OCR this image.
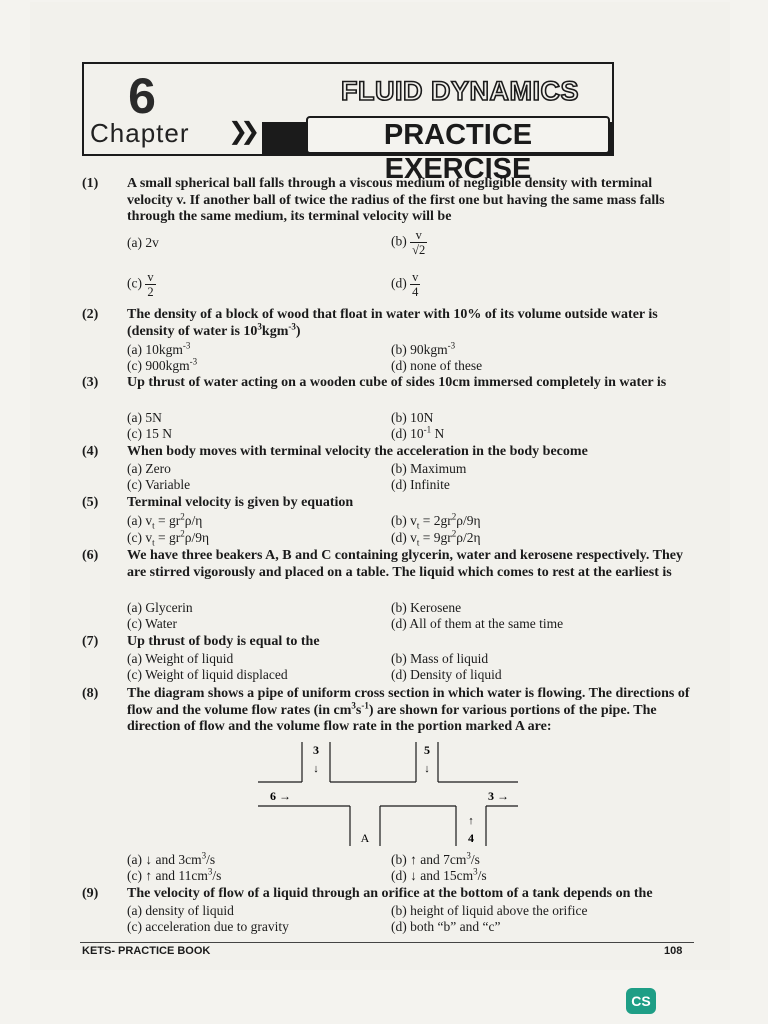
6
Chapter ❯❯
FLUID DYNAMICS
PRACTICE EXERCISE
(1) A small spherical ball falls through a viscous medium of negligible density with terminal velocity v. If another ball of twice the radius of the first one but having the same mass falls through the same medium, its terminal velocity will be
(a) 2v	$(b) \frac{v}{√2}$
$(c) \frac{v}{2}$	$(d) \frac{v}{4}$
(2) The density of a block of wood that float in water with 10% of its volume outside water is (density of water is $10^3kgm^{-3}$)
(a) 10kgm$^{-3}$	(b) 90kgm$^{-3}$
(c) 900kgm$^{-3}$	(d) none of these
(3) Up thrust of water acting on a wooden cube of sides 10cm immersed completely in water is
(a) 5N	(b) 10N
(c) 15 N	(d) $10^{-1}$ N
(4) When body moves with terminal velocity the acceleration in the body become
(a) Zero	(b) Maximum
(c) Variable	(d) Infinite
(5) Terminal velocity is given by equation
(a) $v_t = gr^2\rho/\eta$	(b) $v_t = 2gr^2\rho/9\eta$
(c) $v_t = gr^2\rho/9\eta$	(d) $v_t = 9gr^2\rho/2\eta$
(6) We have three beakers A, B and C containing glycerin, water and kerosene respectively. They are stirred vigorously and placed on a table. The liquid which comes to rest at the earliest is
(a) Glycerin	(b) Kerosene
(c) Water	(d) All of them at the same time
(7) Up thrust of body is equal to the
(a) Weight of liquid	(b) Mass of liquid
(c) Weight of liquid displaced	(d) Density of liquid
(8) The diagram shows a pipe of uniform cross section in which water is flowing. The directions of flow and the volume flow rates (in $cm^3s^{-1}$) are shown for various portions of the pipe. The direction of flow and the volume flow rate in the portion marked A are:
3
↓
5
↓
6 →	3 →
A
↑
4
(a) ↓ and $3cm^3/s$	(b) ↑ and $7cm^3/s$
(c) ↑ and $11cm^3/s$	(d) ↓ and $15cm^3/s$
(9) The velocity of flow of a liquid through an orifice at the bottom of a tank depends on the
(a) density of liquid	(b) height of liquid above the orifice
(c) acceleration due to gravity	(d) both “b” and “c”
KETS- PRACTICE BOOK	108
CS
